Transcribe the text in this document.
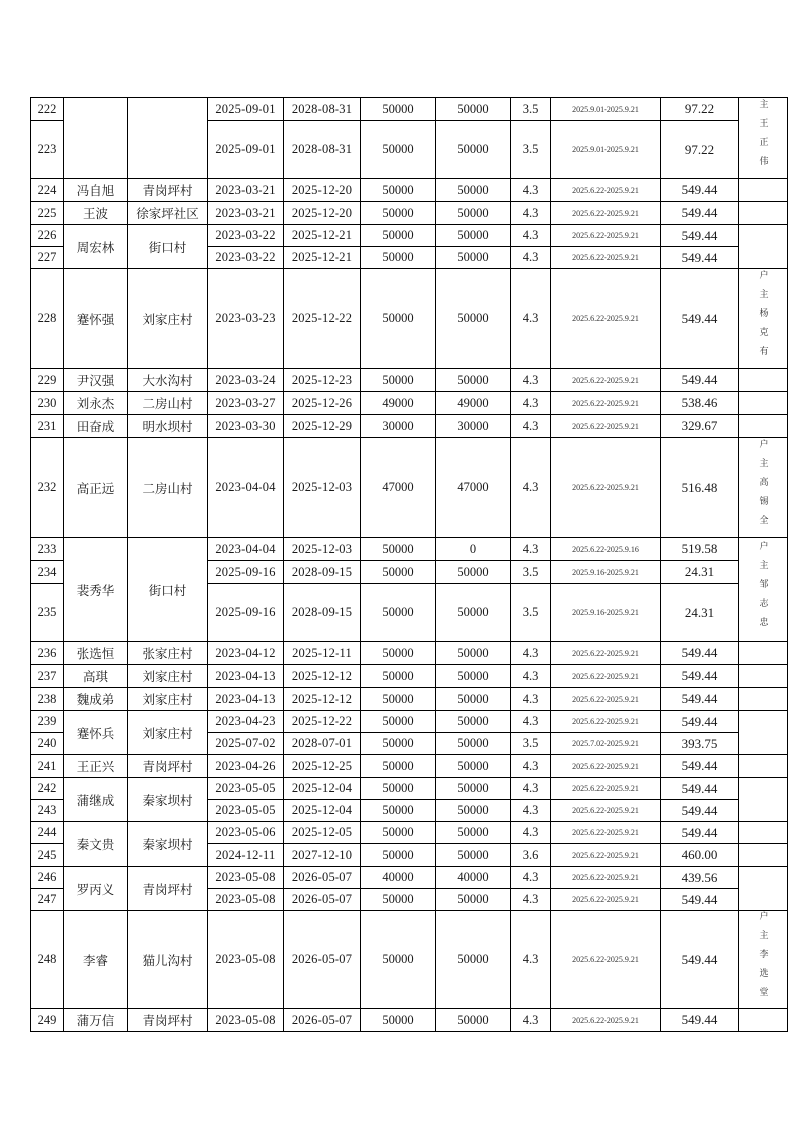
222			2025-09-01	2028-08-31	50000	50000	3.5	2025.9.01-2025.9.21	97.22	主王正伟
223			2025-09-01	2028-08-31	50000	50000	3.5	2025.9.01-2025.9.21	97.22	
224	冯自旭	青岗坪村	2023-03-21	2025-12-20	50000	50000	4.3	2025.6.22-2025.9.21	549.44	
225	王波	徐家坪社区	2023-03-21	2025-12-20	50000	50000	4.3	2025.6.22-2025.9.21	549.44	
226	周宏林	街口村	2023-03-22	2025-12-21	50000	50000	4.3	2025.6.22-2025.9.21	549.44	
227			2023-03-22	2025-12-21	50000	50000	4.3	2025.6.22-2025.9.21	549.44	
228	蹇怀强	刘家庄村	2023-03-23	2025-12-22	50000	50000	4.3	2025.6.22-2025.9.21	549.44	户主杨克有
229	尹汉强	大水沟村	2023-03-24	2025-12-23	50000	50000	4.3	2025.6.22-2025.9.21	549.44	
230	刘永杰	二房山村	2023-03-27	2025-12-26	49000	49000	4.3	2025.6.22-2025.9.21	538.46	
231	田奋成	明水坝村	2023-03-30	2025-12-29	30000	30000	4.3	2025.6.22-2025.9.21	329.67	
232	高正远	二房山村	2023-04-04	2025-12-03	47000	47000	4.3	2025.6.22-2025.9.21	516.48	户主高锡全
233	裴秀华	街口村	2023-04-04	2025-12-03	50000	0	4.3	2025.6.22-2025.9.16	519.58	户主邹志忠
234			2025-09-16	2028-09-15	50000	50000	3.5	2025.9.16-2025.9.21	24.31	
235			2025-09-16	2028-09-15	50000	50000	3.5	2025.9.16-2025.9.21	24.31	
236	张选恒	张家庄村	2023-04-12	2025-12-11	50000	50000	4.3	2025.6.22-2025.9.21	549.44	
237	高琪	刘家庄村	2023-04-13	2025-12-12	50000	50000	4.3	2025.6.22-2025.9.21	549.44	
238	魏成弟	刘家庄村	2023-04-13	2025-12-12	50000	50000	4.3	2025.6.22-2025.9.21	549.44	
239	蹇怀兵	刘家庄村	2023-04-23	2025-12-22	50000	50000	4.3	2025.6.22-2025.9.21	549.44	
240			2025-07-02	2028-07-01	50000	50000	3.5	2025.7.02-2025.9.21	393.75	
241	王正兴	青岗坪村	2023-04-26	2025-12-25	50000	50000	4.3	2025.6.22-2025.9.21	549.44	
242	蒲继成	秦家坝村	2023-05-05	2025-12-04	50000	50000	4.3	2025.6.22-2025.9.21	549.44	
243			2023-05-05	2025-12-04	50000	50000	4.3	2025.6.22-2025.9.21	549.44	
244	秦文贵	秦家坝村	2023-05-06	2025-12-05	50000	50000	4.3	2025.6.22-2025.9.21	549.44	
245			2024-12-11	2027-12-10	50000	50000	3.6	2025.6.22-2025.9.21	460.00	
246	罗丙义	青岗坪村	2023-05-08	2026-05-07	40000	40000	4.3	2025.6.22-2025.9.21	439.56	
247			2023-05-08	2026-05-07	50000	50000	4.3	2025.6.22-2025.9.21	549.44	
248	李睿	猫儿沟村	2023-05-08	2026-05-07	50000	50000	4.3	2025.6.22-2025.9.21	549.44	户主李选堂
249	蒲万信	青岗坪村	2023-05-08	2026-05-07	50000	50000	4.3	2025.6.22-2025.9.21	549.44	
